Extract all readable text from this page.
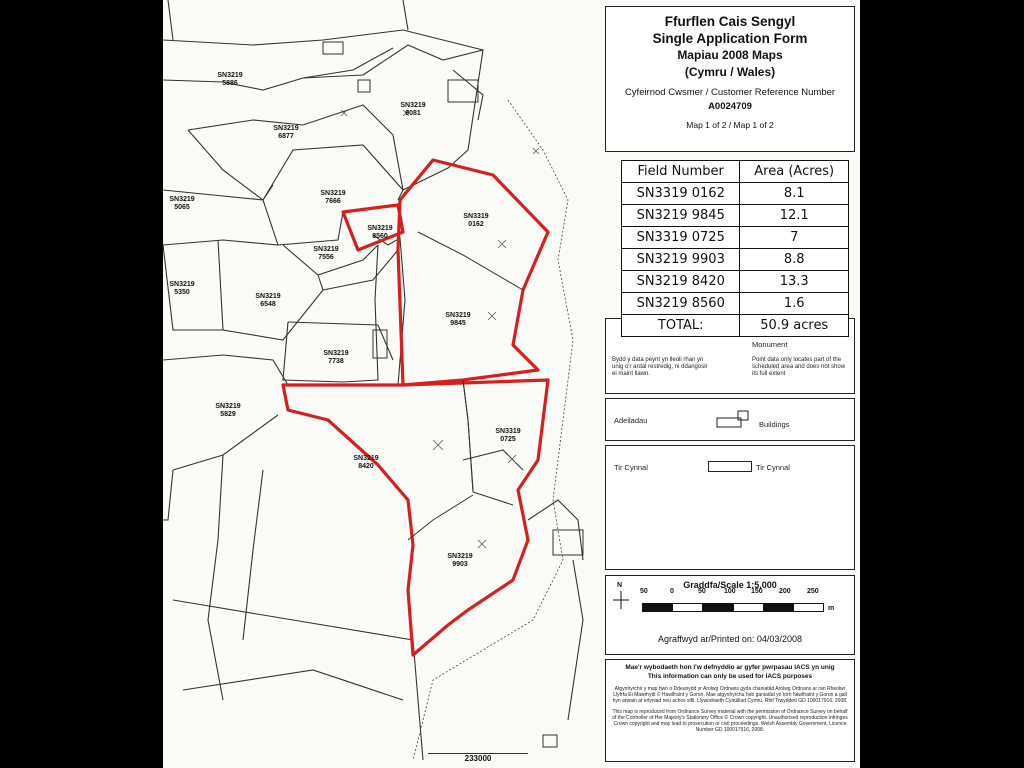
SN3219
5886
SN3219
6877
SN3219
9081
SN3219
7666
SN3219
5065
SN3219
8560
SN3319
0162
SN3219
7556
SN3219
5350
SN3219
6548
SN3219
9845
SN3219
7738
SN3219
5829
SN3319
0725
SN3219
8420
SN3219
9903
233000
Ffurflen Cais Sengyl
Single Application Form
Mapiau 2008 Maps
(Cymru / Wales)
Cyfeirnod Cwsmer / Customer Reference Number
A0024709
Map 1 of 2 / Map 1 of 2
Monument
Bydd y data peynt yn lleoli rhan yn unig o'r ardal restredig, ni ddangosir ei maint llawn.
Point data only locates part of the scheduled area and does not show its full extent
Adeiladau	Buildings
Tir Cynnal	Tir Cynnal
Field Number	Area (Acres)
SN3319 0162	8.1
SN3219 9845	12.1
SN3319 0725	7
SN3219 9903	8.8
SN3219 8420	13.3
SN3219 8560	1.6
TOTAL:	50.9 acres
N	Graddfa/Scale 1:5,000
50	0	50	100 150 200 250
m
Agraffwyd ar/Printed on: 04/03/2008
Mae'r wybodaeth hon i'w defnyddio ar gyfer pwrpasau IACS yn unig
This information can only be used for IACS purposes
Atgynhyrchir y map hwn o Ddeunydd yr Arolwg Ordnans gyda chaniatâd Arolwg Ordnans ar ran Rheolwr Llyfrfa Ei Mawrhydi © Hawlfraint y Goron. Mae atgynhyrchu heb ganiatâd yn torri hawlfraint y Goron a gall hyn arwain at erlyniad neu achos sifil. Llywodraeth Cynulliad Cymru, Rhif Trwydded GD 100017916, 2008.
This map is reproduced from Ordnance Survey material with the permission of Ordnance Survey on behalf of the Controller of Her Majesty's Stationery Office © Crown copyright. Unauthorised reproduction infringes Crown copyright and may lead to prosecution or civil proceedings. Welsh Assembly Government, Licence Number GD 100017916, 2008.
